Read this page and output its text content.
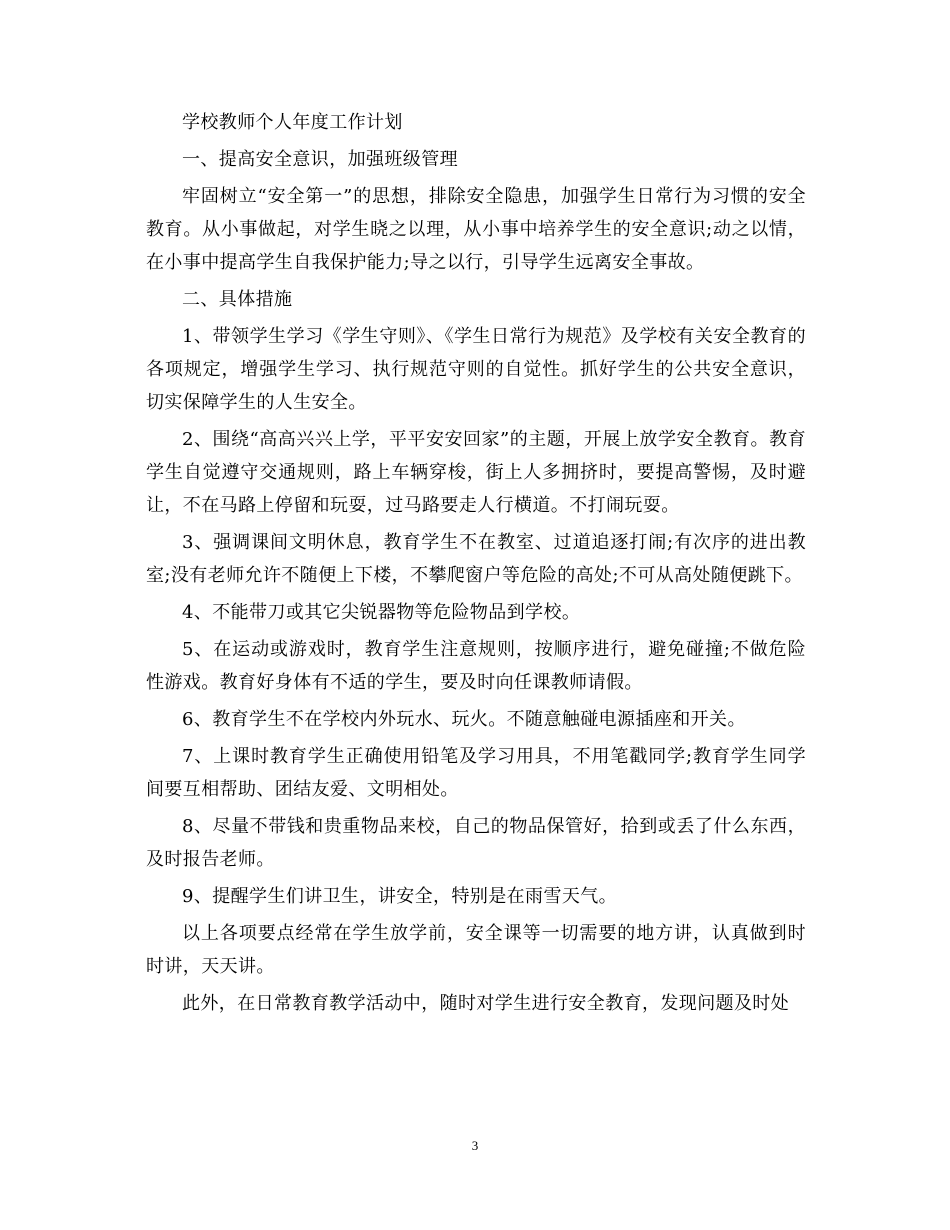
学校教师个人年度工作计划

一、提高安全意识，加强班级管理

牢固树立“安全第一”的思想，排除安全隐患，加强学生日常行为习惯的安全教育。从小事做起，对学生晓之以理，从小事中培养学生的安全意识;动之以情，在小事中提高学生自我保护能力;导之以行，引导学生远离安全事故。

二、具体措施

1、带领学生学习《学生守则》、《学生日常行为规范》及学校有关安全教育的各项规定，增强学生学习、执行规范守则的自觉性。抓好学生的公共安全意识，切实保障学生的人生安全。

2、围绕“高高兴兴上学，平平安安回家”的主题，开展上放学安全教育。教育学生自觉遵守交通规则，路上车辆穿梭，街上人多拥挤时，要提高警惕，及时避让，不在马路上停留和玩耍，过马路要走人行横道。不打闹玩耍。

3、强调课间文明休息，教育学生不在教室、过道追逐打闹;有次序的进出教室;没有老师允许不随便上下楼，不攀爬窗户等危险的高处;不可从高处随便跳下。

4、不能带刀或其它尖锐器物等危险物品到学校。

5、在运动或游戏时，教育学生注意规则，按顺序进行，避免碰撞;不做危险性游戏。教育好身体有不适的学生，要及时向任课教师请假。

6、教育学生不在学校内外玩水、玩火。不随意触碰电源插座和开关。

7、上课时教育学生正确使用铅笔及学习用具，不用笔戳同学;教育学生同学间要互相帮助、团结友爱、文明相处。

8、尽量不带钱和贵重物品来校，自己的物品保管好，拾到或丢了什么东西，及时报告老师。

9、提醒学生们讲卫生，讲安全，特别是在雨雪天气。

以上各项要点经常在学生放学前，安全课等一切需要的地方讲，认真做到时时讲，天天讲。

此外，在日常教育教学活动中，随时对学生进行安全教育，发现问题及时处

3
